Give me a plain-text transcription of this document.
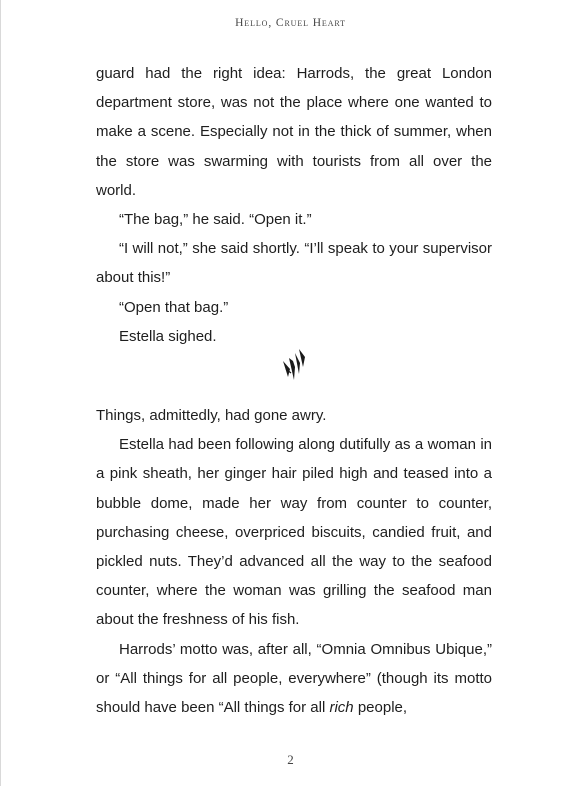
Hello, Cruel Heart

guard had the right idea: Harrods, the great London department store, was not the place where one wanted to make a scene. Especially not in the thick of summer, when the store was swarming with tourists from all over the world.

“The bag,” he said. “Open it.”

“I will not,” she said shortly. “I’ll speak to your supervisor about this!”

“Open that bag.”

Estella sighed.

Things, admittedly, had gone awry.

Estella had been following along dutifully as a woman in a pink sheath, her ginger hair piled high and teased into a bubble dome, made her way from counter to counter, purchasing cheese, overpriced biscuits, candied fruit, and pickled nuts. They’d advanced all the way to the seafood counter, where the woman was grilling the seafood man about the freshness of his fish.

Harrods’ motto was, after all, “Omnia Omnibus Ubique,” or “All things for all people, everywhere” (though its motto should have been “All things for all rich people,

2
